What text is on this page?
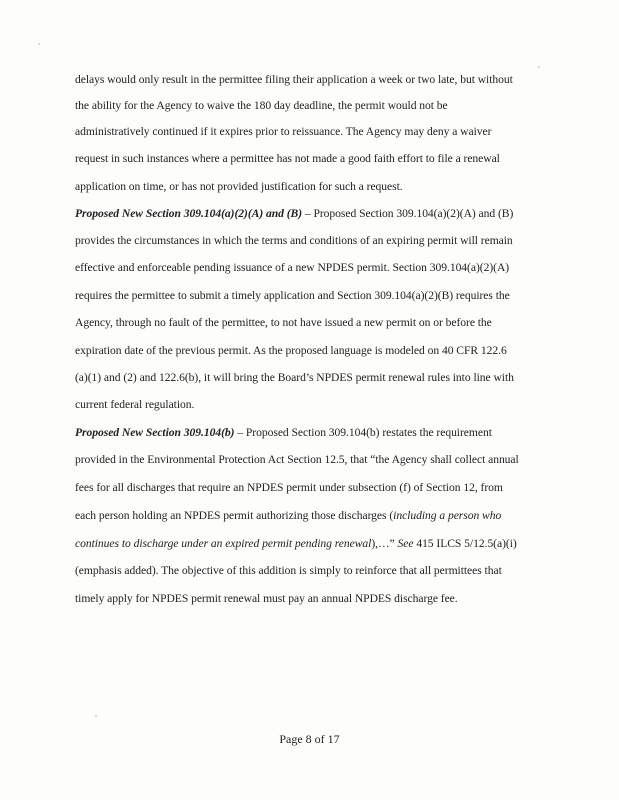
delays would only result in the permittee filing their application a week or two late, but without
the ability for the Agency to waive the 180 day deadline, the permit would not be
administratively continued if it expires prior to reissuance. The Agency may deny a waiver
request in such instances where a permittee has not made a good faith effort to file a renewal
application on time, or has not provided justification for such a request.
Proposed New Section 309.104(a)(2)(A) and (B) – Proposed Section 309.104(a)(2)(A) and (B)
provides the circumstances in which the terms and conditions of an expiring permit will remain
effective and enforceable pending issuance of a new NPDES permit. Section 309.104(a)(2)(A)
requires the permittee to submit a timely application and Section 309.104(a)(2)(B) requires the
Agency, through no fault of the permittee, to not have issued a new permit on or before the
expiration date of the previous permit. As the proposed language is modeled on 40 CFR 122.6
(a)(1) and (2) and 122.6(b), it will bring the Board’s NPDES permit renewal rules into line with
current federal regulation.
Proposed New Section 309.104(b) – Proposed Section 309.104(b) restates the requirement
provided in the Environmental Protection Act Section 12.5, that “the Agency shall collect annual
fees for all discharges that require an NPDES permit under subsection (f) of Section 12, from
each person holding an NPDES permit authorizing those discharges (including a person who
continues to discharge under an expired permit pending renewal),…” See 415 ILCS 5/12.5(a)(i)
(emphasis added). The objective of this addition is simply to reinforce that all permittees that
timely apply for NPDES permit renewal must pay an annual NPDES discharge fee.
Page 8 of 17
